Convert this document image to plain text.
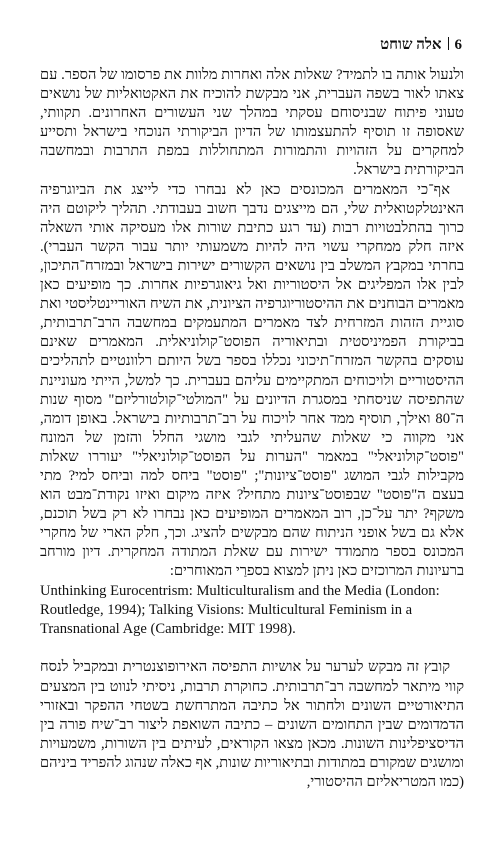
6אלה שוחט

ולנעול אותה בו לתמיד? שאלות אלה ואחרות מלוות את פרסומו של הספר. עם צאתו לאור בשפה העברית, אני מבקשת להוכיח את האקטואליות של נושאים טעוני פיתוח שבניסוחם עסקתי במהלך שני העשורים האחרונים. תקוותי, שאסופה זו תוסיף להתעצמותו של הדיון הביקורתי הנוכחי בישראל ותסייע למחקרים על הזהויות והתמורות המתחוללות במפת התרבות ובמחשבה הביקורתית בישראל.

אף־כי המאמרים המכונסים כאן לא נבחרו כדי לייצג את הביוגרפיה האינטלקטואלית שלי, הם מייצגים נדבך חשוב בעבודתי. תהליך ליקוטם היה כרוך בהתלבטויות רבות (עד רגע כתיבת שורות אלו מעסיקה אותי השאלה איזה חלק ממחקרי עשוי היה להיות משמעותי יותר עבור הקשר העברי). בחרתי במקבץ המשלב בין נושאים הקשורים ישירות בישראל ובמזרח־התיכון, לבין אלו המפליגים אל היסטוריות ואל גיאוגרפיות אחרות. כך מופיעים כאן מאמרים הבוחנים את ההיסטוריוגרפיה הציונית, את השיח האוריינטליסטי ואת סוגיית הזהות המזרחית לצד מאמרים המתעמקים במחשבה הרב־תרבותית, בביקורת הפמיניסטית ובתיאוריה הפוסט־קולוניאלית. המאמרים שאינם עוסקים בהקשר המזרח־תיכוני נכללו בספר בשל היותם רלוונטיים לתהליכים ההיסטוריים ולויכוחים המתקיימים עליהם בעברית. כך למשל, הייתי מעוניינת שהתפיסה שניסחתי במסגרת הדיונים על "המולטי־קולטורליזם" מסוף שנות ה־80 ואילך, תוסיף ממד אחר לויכוח על רב־תרבותיות בישראל. באופן דומה, אני מקווה כי שאלות שהעליתי לגבי מושגי החלל והזמן של המונח "פוסט־קולוניאלי" במאמר "הערות על הפוסט־קולוניאלי" יעוררו שאלות מקבילות לגבי המושג "פוסט־ציונות"; "פוסט" ביחס למה וביחס למי? מתי בעצם ה"פוסט" שבפוסט־ציונות מתחיל? איזה מיקום ואיזו נקודת־מבט הוא משקף? יתר על־כן, רוב המאמרים המופיעים כאן נבחרו לא רק בשל תוכנם, אלא גם בשל אופני הניתוח שהם מבקשים להציג. וכך, חלק הארי של מחקרי המכונס בספר מתמודד ישירות עם שאלת המתודה המחקרית. דיון מורחב ברעיונות המרוכזים כאן ניתן למצוא בספרַי המאוחרים:

Unthinking Eurocentrism: Multiculturalism and the Media (London: Routledge, 1994); Talking Visions: Multicultural Feminism in a Transnational Age (Cambridge: MIT 1998).

קובץ זה מבקש לערער על אושיות התפיסה האירופוצנטרית ובמקביל לנסח קווי מיתאר למחשבה רב־תרבותית. כחוקרת תרבות, ניסיתי לנווט בין המצעים התיאורטיים השונים ולחתור אל כתיבה המתרחשת בשטחי ההפקר ובאזורי הדמדומים שבין התחומים השונים – כתיבה השואפת ליצור רב־שיח פורה בין הדיסציפלינות השונות. מכאן מצאו הקוראים, לעיתים בין השורות, משמעויות ומושגים שמקורם במתודות ובתיאוריות שונות, אף כאלה שנהוג להפריד ביניהם (כמו המטריאליזם ההיסטורי,
